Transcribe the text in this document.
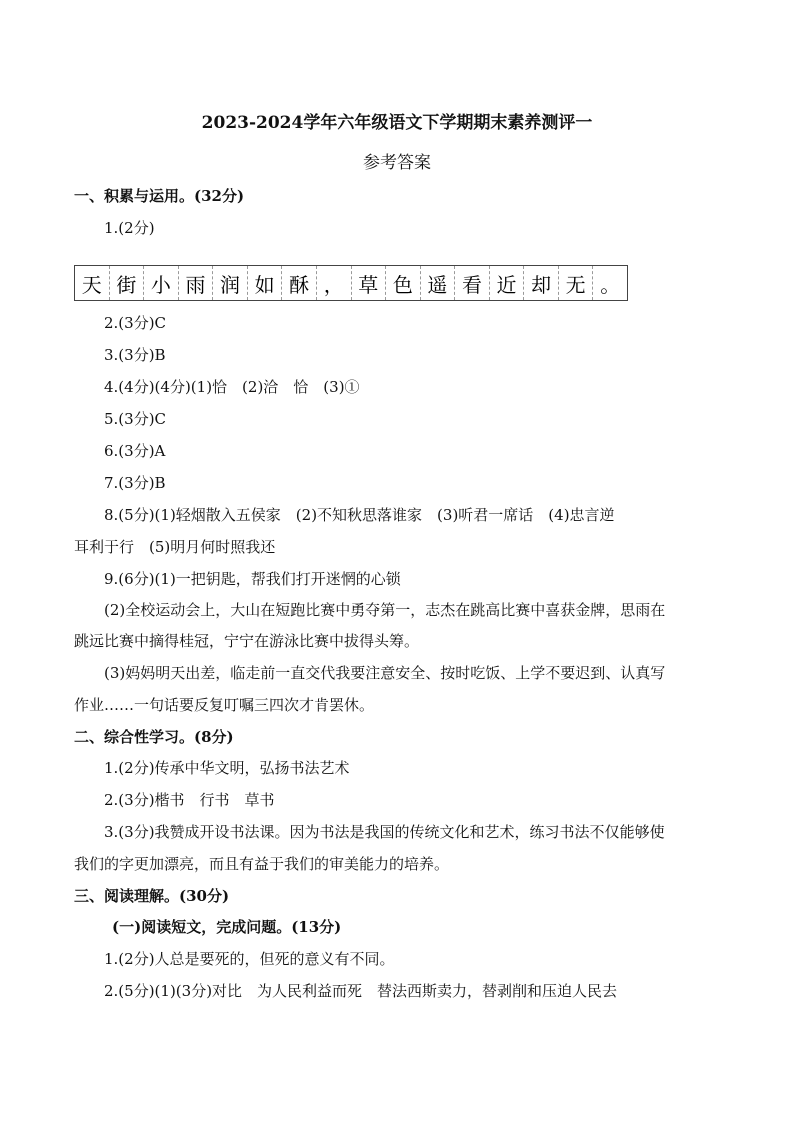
2023-2024学年六年级语文下学期期末素养测评一
参考答案
一、积累与运用。(32分)
1.(2分)
天 街 小 雨 润 如 酥 ， 草 色 遥 看 近 却 无 。
2.(3分)C
3.(3分)B
4.(4分)(4分)(1)恰　(2)洽　恰　(3)①
5.(3分)C
6.(3分)A
7.(3分)B
8.(5分)(1)轻烟散入五侯家　(2)不知秋思落谁家　(3)听君一席话　(4)忠言逆
耳利于行　(5)明月何时照我还
9.(6分)(1)一把钥匙，帮我们打开迷惘的心锁
(2)全校运动会上，大山在短跑比赛中勇夺第一，志杰在跳高比赛中喜获金牌，思雨在
跳远比赛中摘得桂冠，宁宁在游泳比赛中拔得头筹。
(3)妈妈明天出差，临走前一直交代我要注意安全、按时吃饭、上学不要迟到、认真写
作业……一句话要反复叮嘱三四次才肯罢休。
二、综合性学习。(8分)
1.(2分)传承中华文明，弘扬书法艺术
2.(3分)楷书　行书　草书
3.(3分)我赞成开设书法课。因为书法是我国的传统文化和艺术，练习书法不仅能够使
我们的字更加漂亮，而且有益于我们的审美能力的培养。
三、阅读理解。(30分)
(一)阅读短文，完成问题。(13分)
1.(2分)人总是要死的，但死的意义有不同。
2.(5分)(1)(3分)对比　为人民利益而死　替法西斯卖力，替剥削和压迫人民去
